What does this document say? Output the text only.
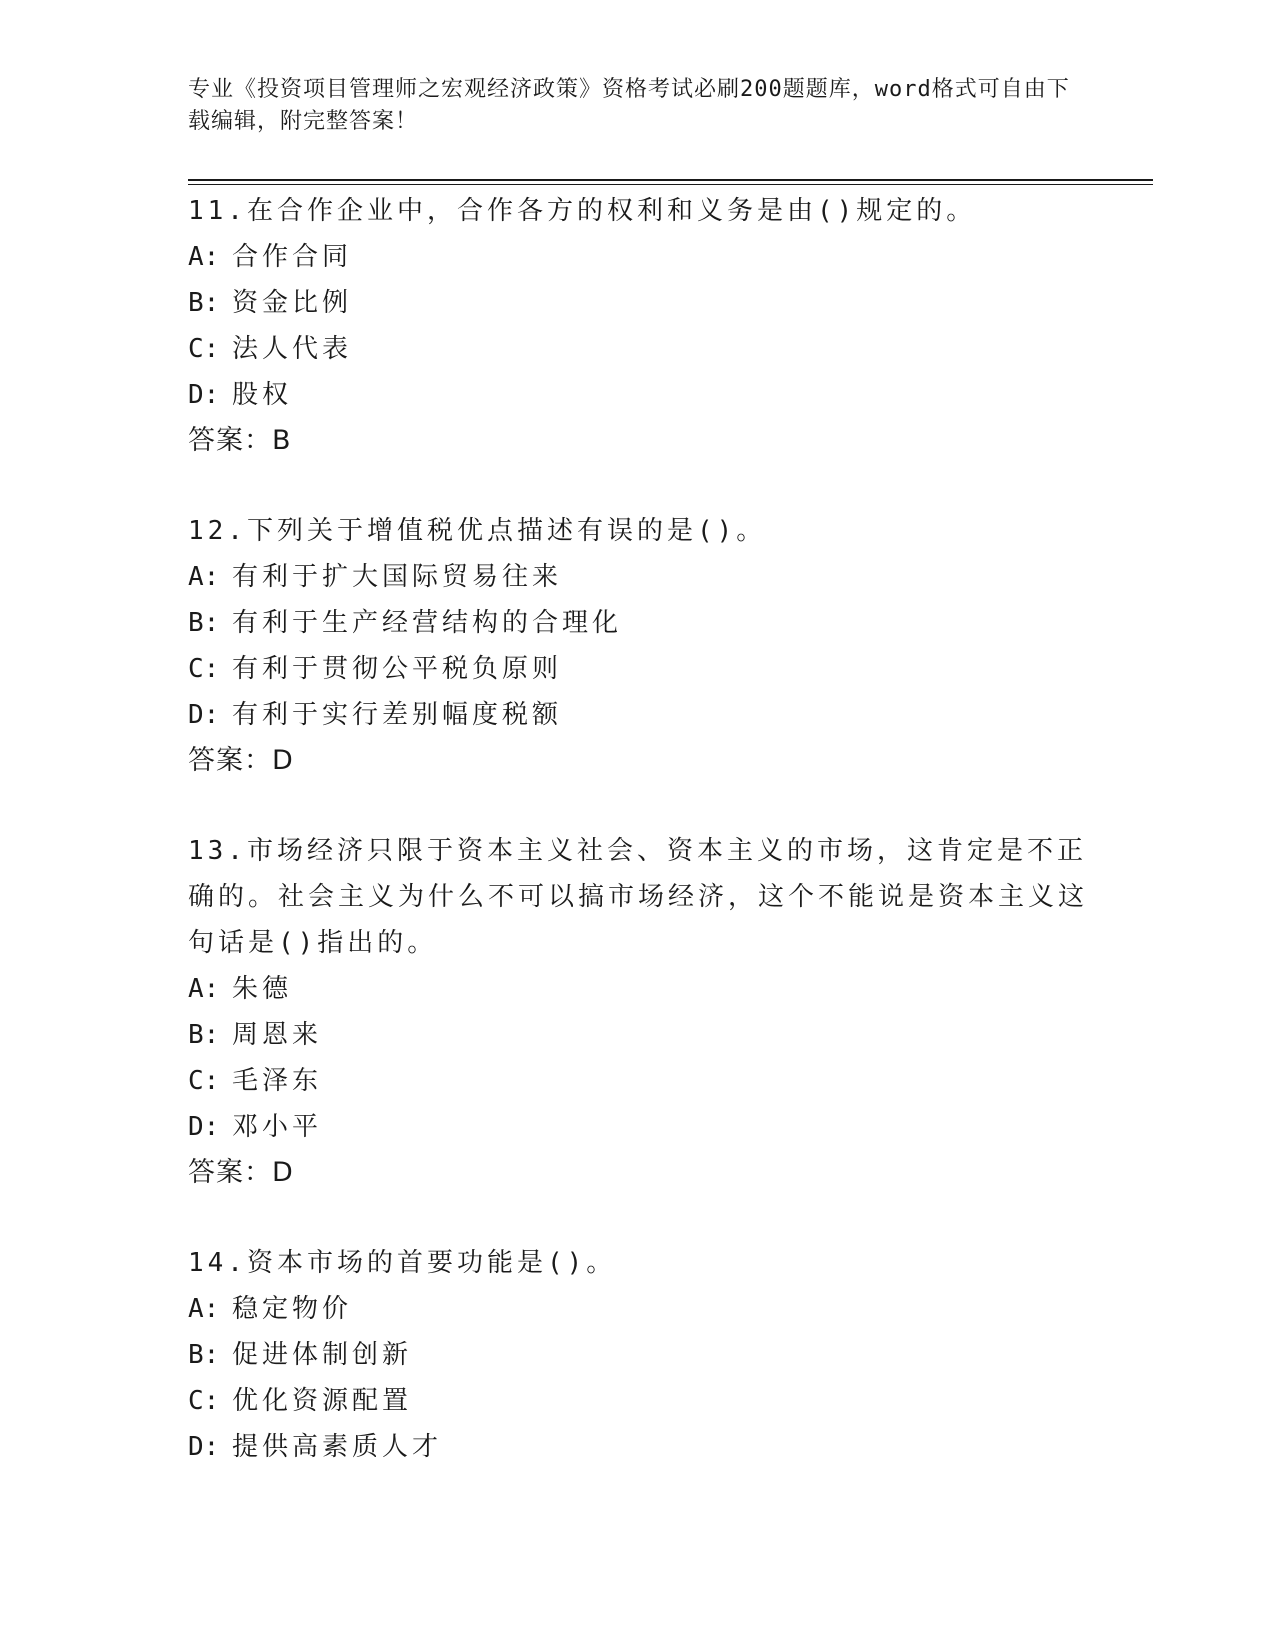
专业《投资项目管理师之宏观经济政策》资格考试必刷200题题库，word格式可自由下载编辑，附完整答案！

11.在合作企业中，合作各方的权利和义务是由()规定的。

A: 合作合同

B: 资金比例

C: 法人代表

D: 股权

答案：B

12.下列关于增值税优点描述有误的是()。

A: 有利于扩大国际贸易往来

B: 有利于生产经营结构的合理化

C: 有利于贯彻公平税负原则

D: 有利于实行差别幅度税额

答案：D

13.市场经济只限于资本主义社会、资本主义的市场，这肯定是不正确的。社会主义为什么不可以搞市场经济，这个不能说是资本主义这句话是()指出的。

A: 朱德

B: 周恩来

C: 毛泽东

D: 邓小平

答案：D

14.资本市场的首要功能是()。

A: 稳定物价

B: 促进体制创新

C: 优化资源配置

D: 提供高素质人才
